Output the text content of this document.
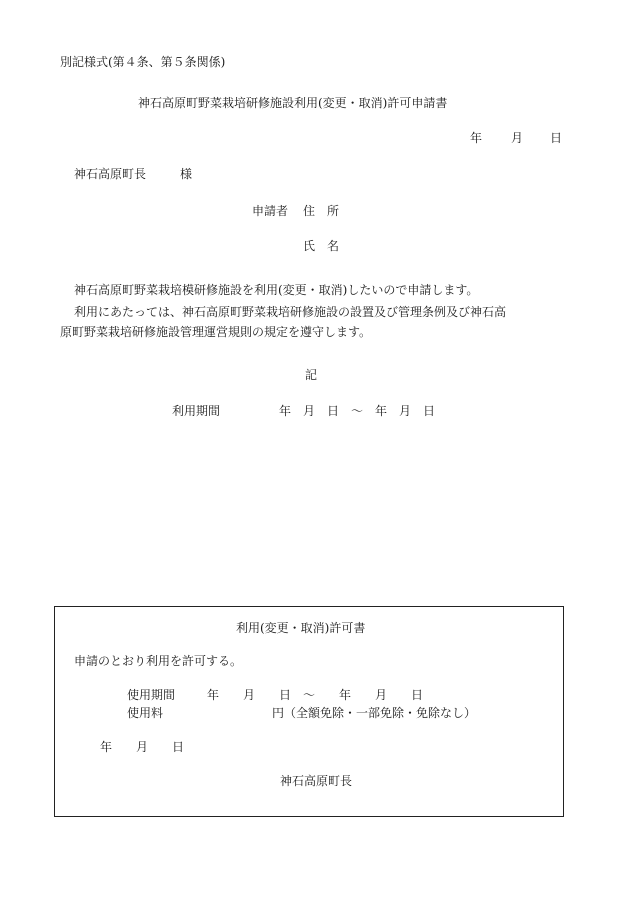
別記様式(第４条、第５条関係)
神石高原町野菜栽培研修施設利用(変更・取消)許可申請書
年 月 日
神石高原町長	様
申請者 住　所
氏　名
神石高原町野菜栽培模研修施設を利用(変更・取消)したいので申請します。
利用にあたっては、神石高原町野菜栽培研修施設の設置及び管理条例及び神石高
原町野菜栽培研修施設管理運営規則の規定を遵守します。
記
利用期間	年　月　日　～　年　月　日
利用(変更・取消)許可書
申請のとおり利用を許可する。
使用期間	年　　月　　日　～　　年　　月　　日
使用料	円（全額免除・一部免除・免除なし）
年　　月　　日
神石高原町長
